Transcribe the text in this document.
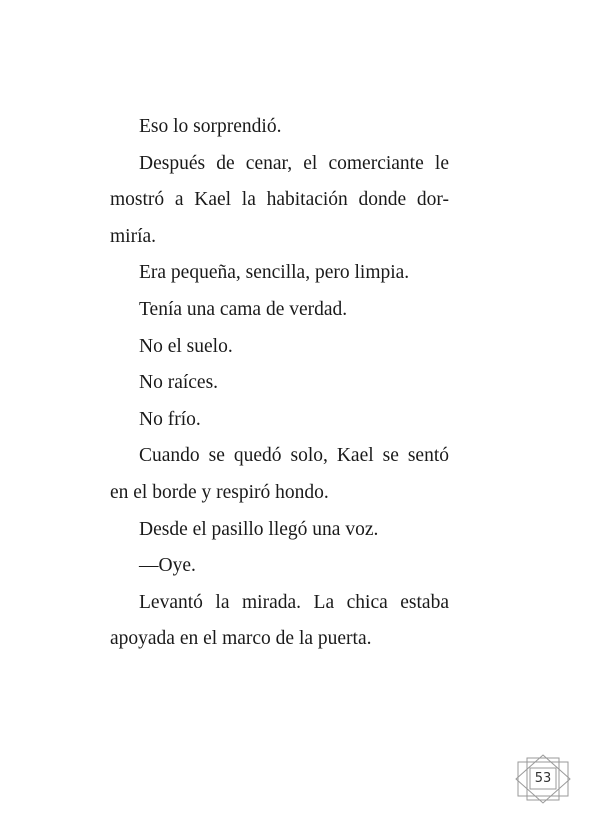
Eso lo sorprendió.
Después de cenar, el comerciante le
mostró a Kael la habitación donde dor-
miría.
Era pequeña, sencilla, pero limpia.
Tenía una cama de verdad.
No el suelo.
No raíces.
No frío.
Cuando se quedó solo, Kael se sentó
en el borde y respiró hondo.
Desde el pasillo llegó una voz.
—Oye.
Levantó la mirada. La chica estaba
apoyada en el marco de la puerta.
53
